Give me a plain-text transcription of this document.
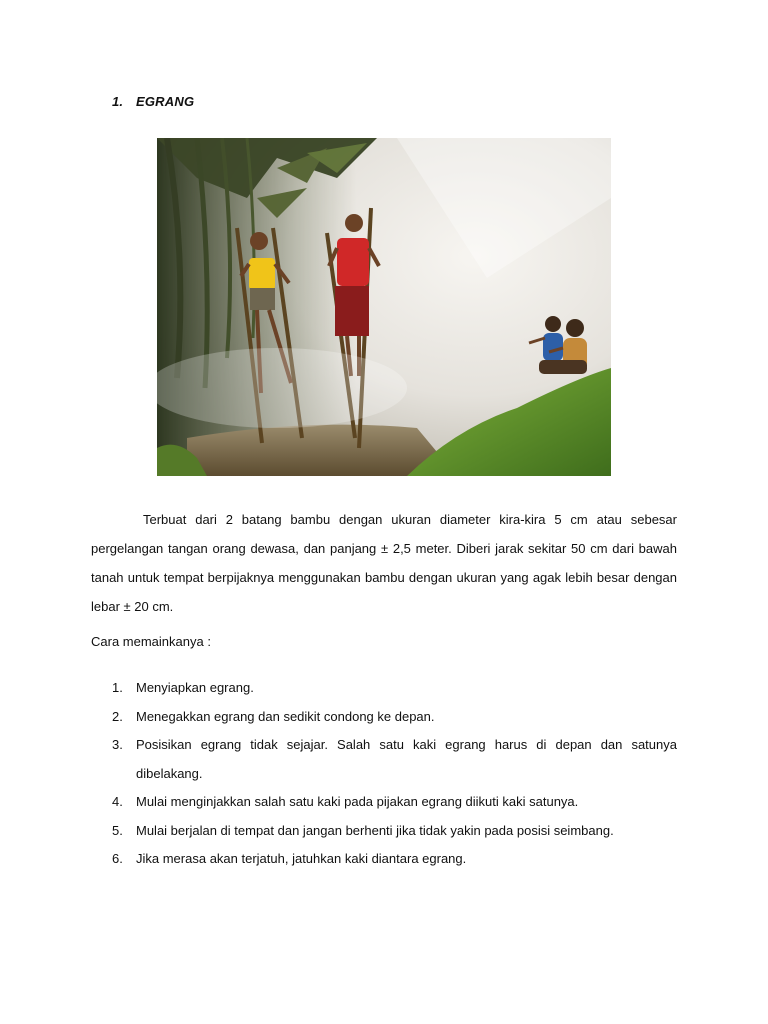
1. EGRANG

Terbuat dari 2 batang bambu dengan ukuran diameter kira-kira 5 cm atau sebesar pergelangan tangan orang dewasa, dan panjang ± 2,5 meter. Diberi jarak sekitar 50 cm dari bawah tanah untuk tempat berpijaknya menggunakan bambu dengan ukuran yang agak lebih besar dengan lebar ± 20 cm.

Cara memainkanya :

1. Menyiapkan egrang.
2. Menegakkan egrang dan sedikit condong ke depan.
3. Posisikan egrang tidak sejajar. Salah satu kaki egrang harus di depan dan satunya dibelakang.
4. Mulai menginjakkan salah satu kaki pada pijakan egrang diikuti kaki satunya.
5. Mulai berjalan di tempat dan jangan berhenti jika tidak yakin pada posisi seimbang.
6. Jika merasa akan terjatuh, jatuhkan kaki diantara egrang.
